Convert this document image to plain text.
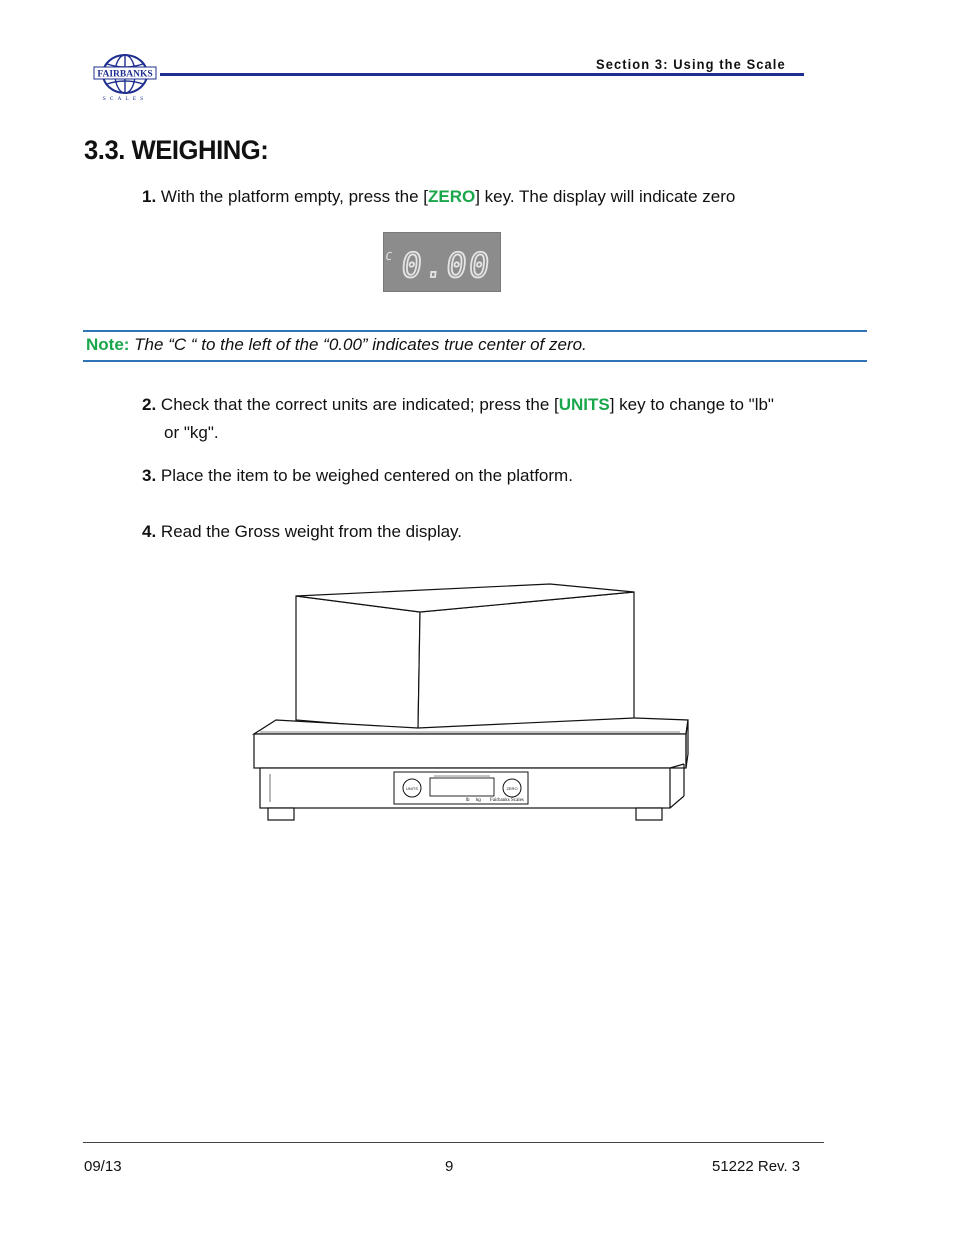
FAIRBANKS
SCALES
Section 3: Using the Scale
3.3. WEIGHING:
1. With the platform empty, press the [ZERO] key. The display will indicate zero
C 0.00
Note: The “C “ to the left of the “0.00” indicates true center of zero.
2. Check that the correct units are indicated; press the [UNITS] key to change to "lb"
or "kg".
3. Place the item to be weighed centered on the platform.
4. Read the Gross weight from the display.
UNITS	ZERO
lb kg Fairbanks Scales
09/13	9	51222 Rev. 3
